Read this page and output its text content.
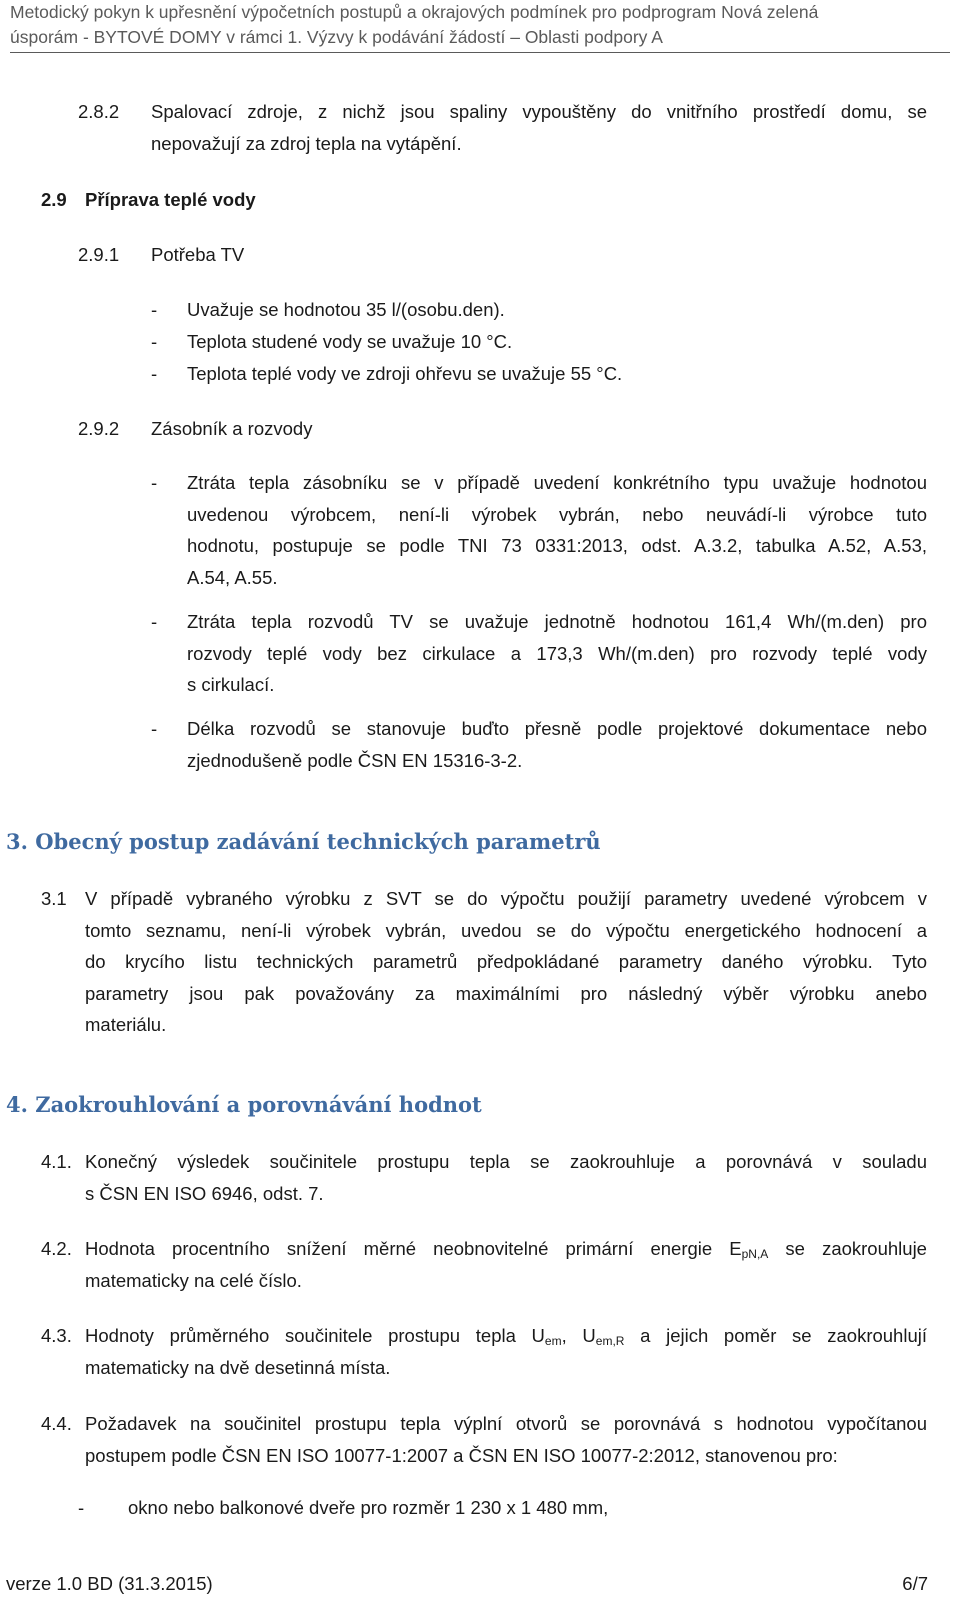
Metodický pokyn k upřesnění výpočetních postupů a okrajových podmínek pro podprogram Nová zelená
úsporám - BYTOVÉ DOMY v rámci 1. Výzvy k podávání žádostí – Oblasti podpory A
2.8.2 Spalovací zdroje, z nichž jsou spaliny vypouštěny do vnitřního prostředí domu, se
nepovažují za zdroj tepla na vytápění.
2.9 Příprava teplé vody
2.9.1 Potřeba TV
- Uvažuje se hodnotou 35 l/(osobu.den).
- Teplota studené vody se uvažuje 10 °C.
- Teplota teplé vody ve zdroji ohřevu se uvažuje 55 °C.
2.9.2 Zásobník a rozvody
- Ztráta tepla zásobníku se v případě uvedení konkrétního typu uvažuje hodnotou
uvedenou výrobcem, není-li výrobek vybrán, nebo neuvádí-li výrobce tuto
hodnotu, postupuje se podle TNI 73 0331:2013, odst. A.3.2, tabulka A.52, A.53,
A.54, A.55.
- Ztráta tepla rozvodů TV se uvažuje jednotně hodnotou 161,4 Wh/(m.den) pro
rozvody teplé vody bez cirkulace a 173,3 Wh/(m.den) pro rozvody teplé vody
s cirkulací.
- Délka rozvodů se stanovuje buďto přesně podle projektové dokumentace nebo
zjednodušeně podle ČSN EN 15316-3-2.
3. Obecný postup zadávání technických parametrů
3.1 V případě vybraného výrobku z SVT se do výpočtu použijí parametry uvedené výrobcem v
tomto seznamu, není-li výrobek vybrán, uvedou se do výpočtu energetického hodnocení a
do krycího listu technických parametrů předpokládané parametry daného výrobku. Tyto
parametry jsou pak považovány za maximálními pro následný výběr výrobku anebo
materiálu.
4. Zaokrouhlování a porovnávání hodnot
4.1. Konečný výsledek součinitele prostupu tepla se zaokrouhluje a porovnává v souladu
s ČSN EN ISO 6946, odst. 7.
4.2. Hodnota procentního snížení měrné neobnovitelné primární energie $E_{pN,A}$ se zaokrouhluje
matematicky na celé číslo.
4.3. Hodnoty průměrného součinitele prostupu tepla $U_{em}$, $U_{em,R}$ a jejich poměr se zaokrouhlují
matematicky na dvě desetinná místa.
4.4. Požadavek na součinitel prostupu tepla výplní otvorů se porovnává s hodnotou vypočítanou
postupem podle ČSN EN ISO 10077-1:2007 a ČSN EN ISO 10077-2:2012, stanovenou pro:
- okno nebo balkonové dveře pro rozměr 1 230 x 1 480 mm,
verze 1.0 BD (31.3.2015)	6/7
